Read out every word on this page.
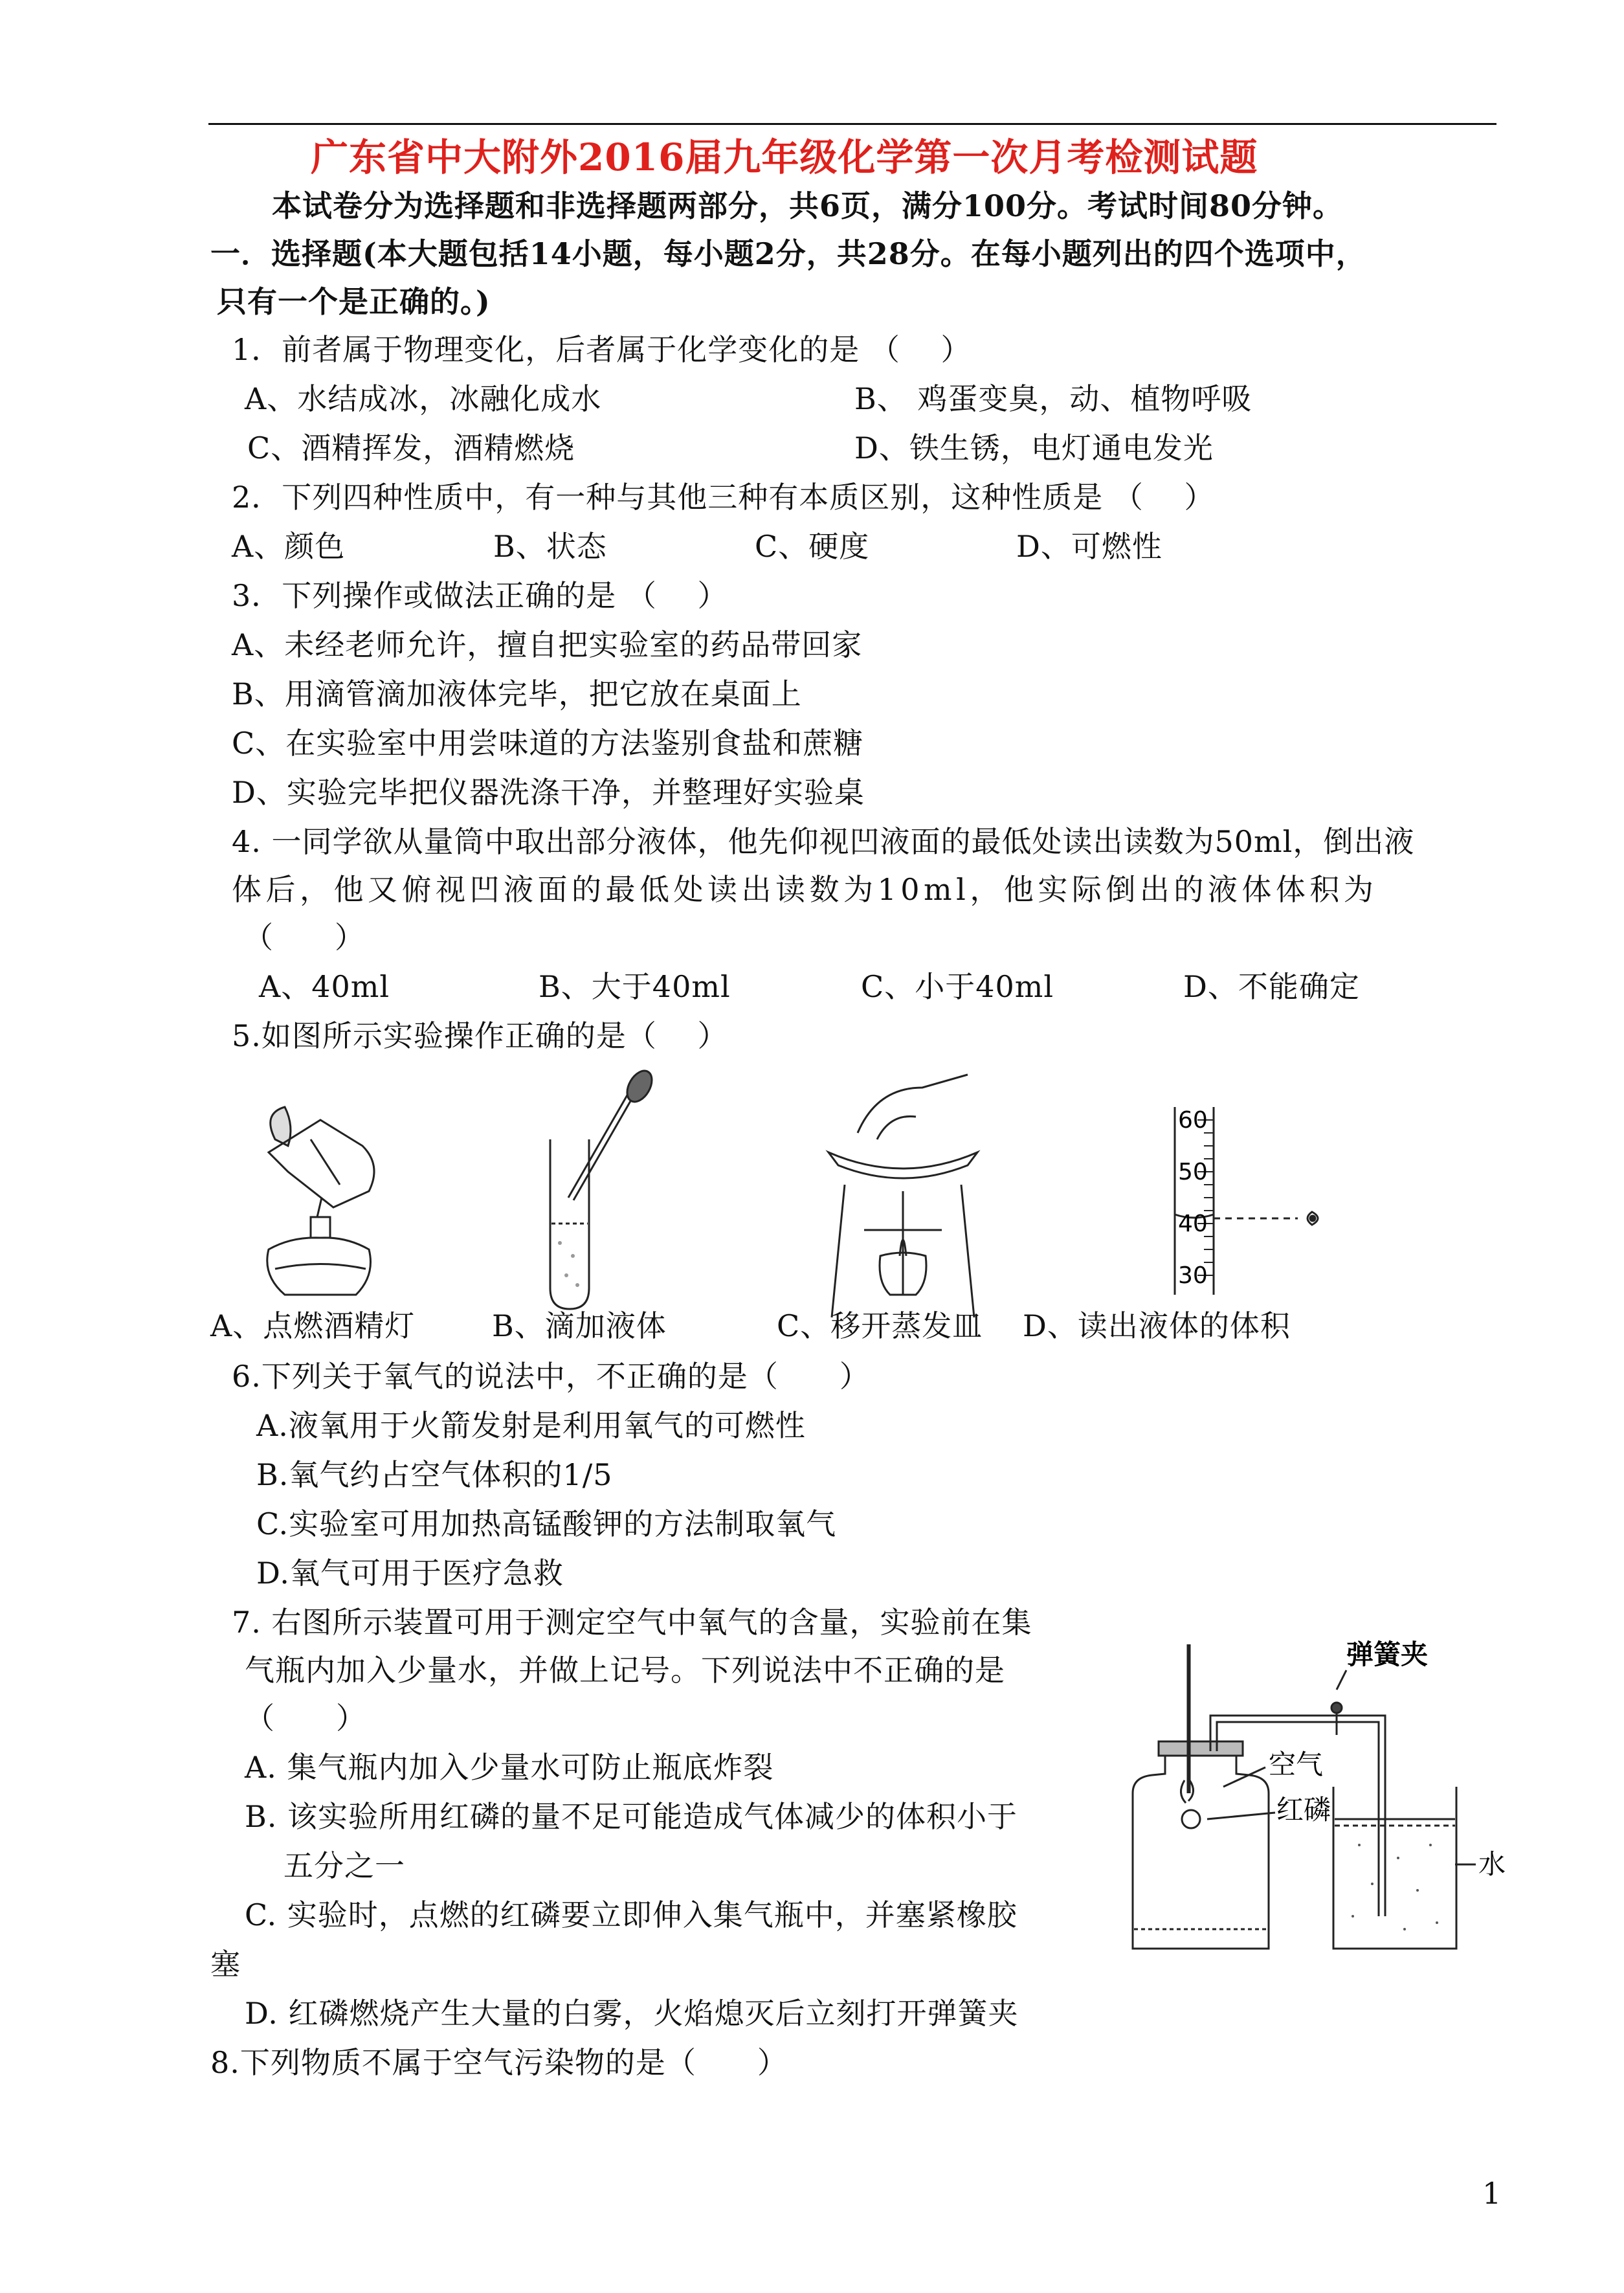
广东省中大附外2016届九年级化学第一次月考检测试题
本试卷分为选择题和非选择题两部分，共6页，满分100分。考试时间80分钟。
一．选择题(本大题包括14小题，每小题2分，共28分。在每小题列出的四个选项中，
只有一个是正确的。)
1．前者属于物理变化，后者属于化学变化的是 （　 ）
A、水结成冰，冰融化成水	B、 鸡蛋变臭，动、植物呼吸
C、酒精挥发，酒精燃烧	D、铁生锈，电灯通电发光
2．下列四种性质中，有一种与其他三种有本质区别，这种性质是 （　 ）
A、颜色	B、状态	C、硬度	D、可燃性
3．下列操作或做法正确的是 （　 ）
A、未经老师允许，擅自把实验室的药品带回家
B、用滴管滴加液体完毕，把它放在桌面上
C、在实验室中用尝味道的方法鉴别食盐和蔗糖
D、实验完毕把仪器洗涤干净，并整理好实验桌
4. 一同学欲从量筒中取出部分液体，他先仰视凹液面的最低处读出读数为50ml，倒出液
体后，他又俯视凹液面的最低处读出读数为10ml，他实际倒出的液体体积为
（　　）
A、40ml	B、大于40ml	C、小于40ml	D、不能确定
5.如图所示实验操作正确的是（　 ）
60
50
40
30
A、点燃酒精灯	B、滴加液体	C、移开蒸发皿 D、读出液体的体积
6.下列关于氧气的说法中，不正确的是（　　）
A.液氧用于火箭发射是利用氧气的可燃性
B.氧气约占空气体积的1/5
C.实验室可用加热高锰酸钾的方法制取氧气
D.氧气可用于医疗急救
7. 右图所示装置可用于测定空气中氧气的含量，实验前在集
气瓶内加入少量水，并做上记号。下列说法中不正确的是
（　　）
A. 集气瓶内加入少量水可防止瓶底炸裂
B. 该实验所用红磷的量不足可能造成气体减少的体积小于
五分之一
C. 实验时，点燃的红磷要立即伸入集气瓶中，并塞紧橡胶
塞
D. 红磷燃烧产生大量的白雾，火焰熄灭后立刻打开弹簧夹
弹簧夹
空气
红磷
水
8.下列物质不属于空气污染物的是（　　）
1
